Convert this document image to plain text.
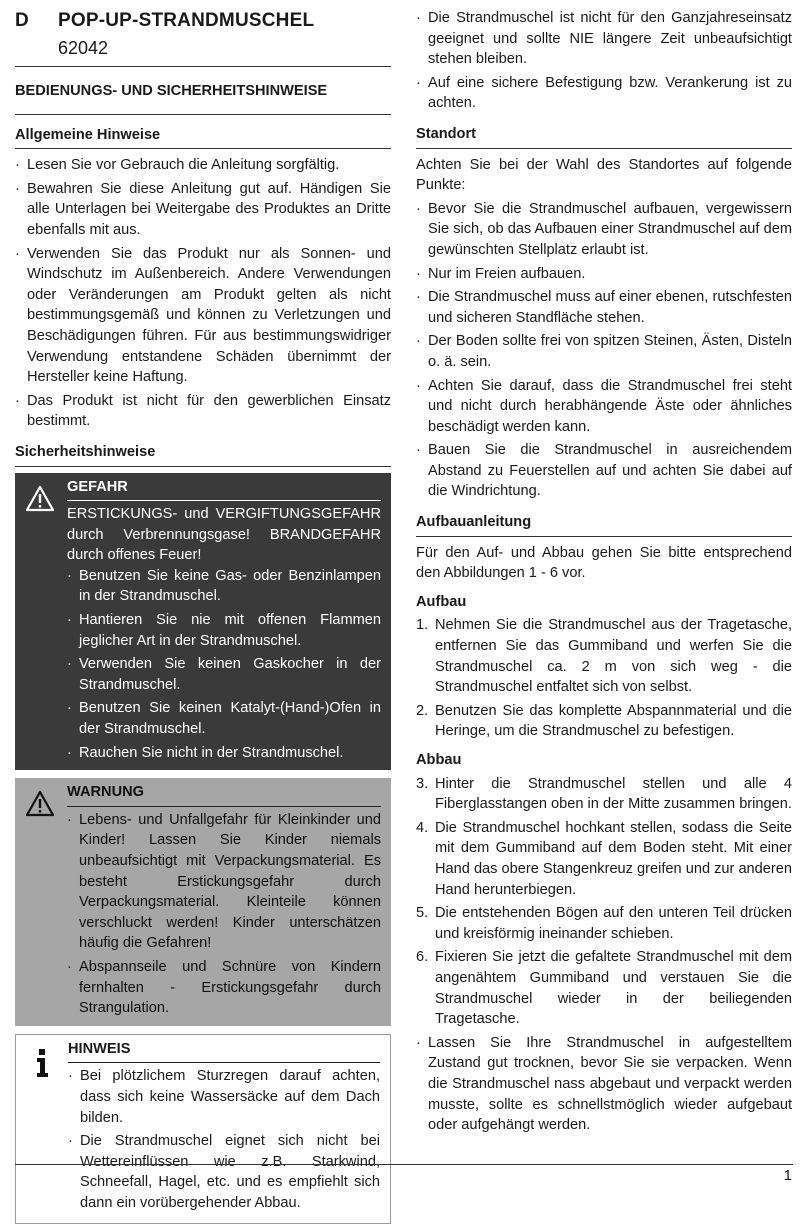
D POP-UP-STRANDMUSCHEL
62042
BEDIENUNGS- UND SICHERHEITSHINWEISE
Allgemeine Hinweise
· Lesen Sie vor Gebrauch die Anleitung sorgfältig.
· Bewahren Sie diese Anleitung gut auf. Händigen Sie alle Unterlagen bei Weitergabe des Produktes an Dritte ebenfalls mit aus.
· Verwenden Sie das Produkt nur als Sonnen- und Windschutz im Außenbereich. Andere Verwendungen oder Veränderungen am Produkt gelten als nicht bestimmungsgemäß und können zu Verletzungen und Beschädigungen führen. Für aus bestimmungswidriger Verwendung entstandene Schäden übernimmt der Hersteller keine Haftung.
· Das Produkt ist nicht für den gewerblichen Einsatz bestimmt.
Sicherheitshinweise
GEFAHR

ERSTICKUNGS- und VERGIFTUNGSGEFAHR durch Verbrennungsgase! BRANDGEFAHR durch offenes Feuer!

· Benutzen Sie keine Gas- oder Benzinlampen in der Strandmuschel.
· Hantieren Sie nie mit offenen Flammen jeglicher Art in der Strandmuschel.
· Verwenden Sie keinen Gaskocher in der Strandmuschel.
· Benutzen Sie keinen Katalyt-(Hand-)Ofen in der Strandmuschel.
· Rauchen Sie nicht in der Strandmuschel.
WARNUNG
· Lebens- und Unfallgefahr für Kleinkinder und Kinder! Lassen Sie Kinder niemals unbeaufsichtigt mit Verpackungsmaterial. Es besteht Erstickungsgefahr durch Verpackungsmaterial. Kleinteile können verschluckt werden! Kinder unterschätzen häufig die Gefahren!
· Abspannseile und Schnüre von Kindern fernhalten - Erstickungsgefahr durch Strangulation.
HINWEIS
· Bei plötzlichem Sturzregen darauf achten, dass sich keine Wassersäcke auf dem Dach bilden.
· Die Strandmuschel eignet sich nicht bei Wettereinflüssen wie z.B. Starkwind, Schneefall, Hagel, etc. und es empfiehlt sich dann ein vorübergehender Abbau.
· Die Strandmuschel ist nicht für den Ganzjahreseinsatz geeignet und sollte NIE längere Zeit unbeaufsichtigt stehen bleiben.
· Auf eine sichere Befestigung bzw. Verankerung ist zu achten.
Standort

Achten Sie bei der Wahl des Standortes auf folgende Punkte:

· Bevor Sie die Strandmuschel aufbauen, vergewissern Sie sich, ob das Aufbauen einer Strandmuschel auf dem gewünschten Stellplatz erlaubt ist.
· Nur im Freien aufbauen.
· Die Strandmuschel muss auf einer ebenen, rutschfesten und sicheren Standfläche stehen.
· Der Boden sollte frei von spitzen Steinen, Ästen, Disteln o. ä. sein.
· Achten Sie darauf, dass die Strandmuschel frei steht und nicht durch herabhängende Äste oder ähnliches beschädigt werden kann.
· Bauen Sie die Strandmuschel in ausreichendem Abstand zu Feuerstellen auf und achten Sie dabei auf die Windrichtung.
Aufbauanleitung

Für den Auf- und Abbau gehen Sie bitte entsprechend den Abbildungen 1 - 6 vor.

Aufbau
1. Nehmen Sie die Strandmuschel aus der Tragetasche, entfernen Sie das Gummiband und werfen Sie die Strandmuschel ca. 2 m von sich weg - die Strandmuschel entfaltet sich von selbst.
2. Benutzen Sie das komplette Abspannmaterial und die Heringe, um die Strandmuschel zu befestigen.
Abbau
3. Hinter die Strandmuschel stellen und alle 4 Fiberglasstangen oben in der Mitte zusammen bringen.
4. Die Strandmuschel hochkant stellen, sodass die Seite mit dem Gummiband auf dem Boden steht. Mit einer Hand das obere Stangenkreuz greifen und zur anderen Hand herunterbiegen.
5. Die entstehenden Bögen auf den unteren Teil drücken und kreisförmig ineinander schieben.
6. Fixieren Sie jetzt die gefaltete Strandmuschel mit dem angenähtem Gummiband und verstauen Sie die Strandmuschel wieder in der beiliegenden Tragetasche.
· Lassen Sie Ihre Strandmuschel in aufgestelltem Zustand gut trocknen, bevor Sie sie verpacken. Wenn die Strandmuschel nass abgebaut und verpackt werden musste, sollte es schnellstmöglich wieder aufgebaut oder aufgehängt werden.
1
